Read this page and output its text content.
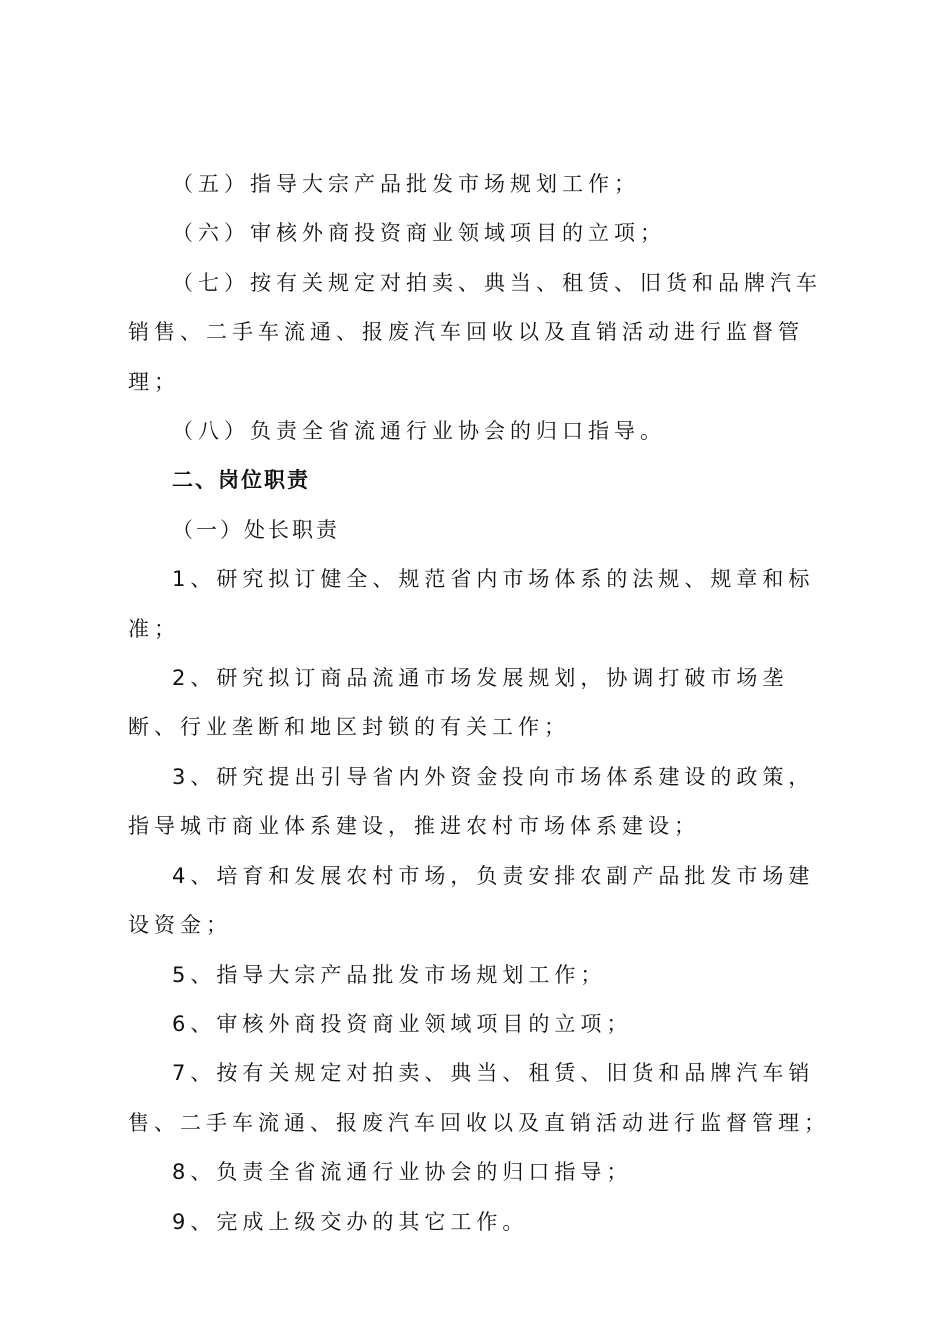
（五）指导大宗产品批发市场规划工作；

（六）审核外商投资商业领域项目的立项；

（七）按有关规定对拍卖、典当、租赁、旧货和品牌汽车销售、二手车流通、报废汽车回收以及直销活动进行监督管理；

（八）负责全省流通行业协会的归口指导。

二、岗位职责

（一）处长职责

1、研究拟订健全、规范省内市场体系的法规、规章和标准；

2、研究拟订商品流通市场发展规划，协调打破市场垄断、行业垄断和地区封锁的有关工作；

3、研究提出引导省内外资金投向市场体系建设的政策，指导城市商业体系建设，推进农村市场体系建设；

4、培育和发展农村市场，负责安排农副产品批发市场建设资金；

5、指导大宗产品批发市场规划工作；

6、审核外商投资商业领域项目的立项；

7、按有关规定对拍卖、典当、租赁、旧货和品牌汽车销售、二手车流通、报废汽车回收以及直销活动进行监督管理；

8、负责全省流通行业协会的归口指导；

9、完成上级交办的其它工作。
